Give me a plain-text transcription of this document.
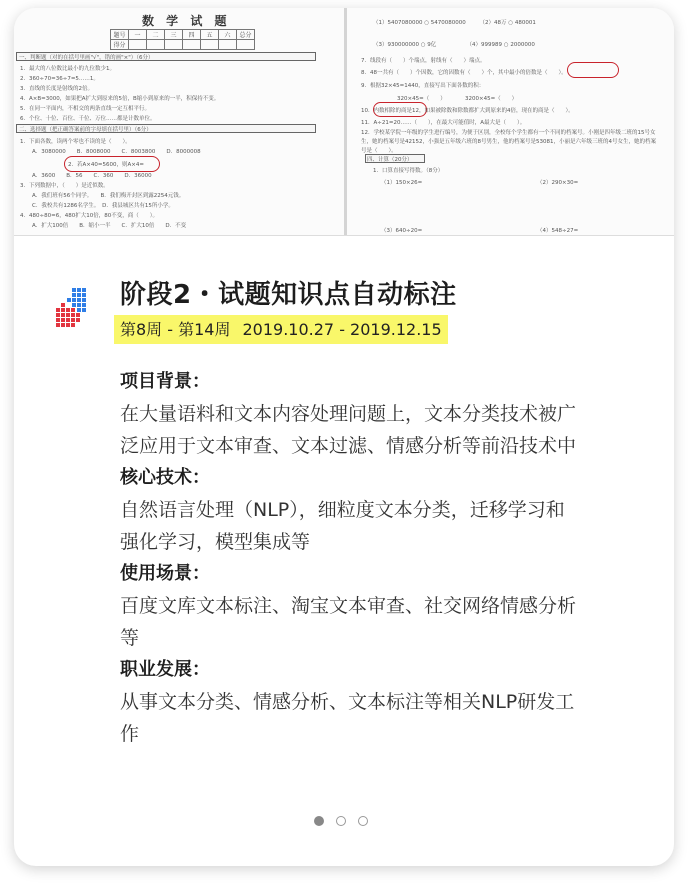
数 学 试 题
题号	一	二	三	四	五	六	总分
得分							
一、判断题（对的在括号里画"√"，错的画"×"）（6分）
1．最大的八位数比最小的九位数少1。
2．360÷70=36÷7=5……1。
3．直线的长度是射线的2倍。
4．A×B=3000，如果把A扩大到原来的5倍，B缩小到原来的一半，积保持不变。
5．在同一平面内，不相交的两条直线一定互相平行。
6．个位、十位、百位、千位、万位……都是计数单位。
二、选择题（把正确答案前的字母填在括号里）（6分）
1．下面各数，读两个零也不读的是（　　）。
A．3080000　　B．8008000　　C．8003800　　D．8000008
2．若A×40=5600，则A×4=
A．3600　　B．56　　C．360　　D．36000
3．下列数据中，（　　）是近似数。
A．我们班有56个同学。　　B．我们梅开封区到露2254元钱。
C．我校共有1286名学生。　D．我县城区共有15所小学。
4．480÷80=6，480扩大10倍，80不变，商（　　）。
A．扩大100倍　　B．缩小一半　　C．扩大10倍　　D．不变
（1）5407080000 ○ 5470080000　　　（2）48万 ○ 480001
（3）930000000 ○ 9亿　　　　　　（4）999989 ○ 2000000
7．线段有（　　）个端点，射线有（　　）端点。
8．48一共有（　　）个因数，它的因数有（　　）个，其中最小的倍数是（　　）。
9．根据32×45=1440，直接写出下面各数的积：
320×45=（　　）　　　　3200×45=（　　）
10．内数相除的商是12，如果被除数和除数都扩大到原来的4倍，现在的商是（　　）。
11．A÷21=20……（　　），在最大可能值时，A最大是（　　）。
12．学校某学院一年级的学生进行编号，为便于区别，全校每个学生都有一个不同的档案号。小刚是四年级二班的15号女生，她的档案号是42152，小强是五年级六班的8号男生，他的档案号是53081，小丽是六年级三班的4号女生，她的档案号是（　　）。
四、计算（20分）
1．口算直接写得数。（8分）
（1）150×26=	（2）290×30=
（3）640÷20=	（4）548÷27=
阶段2・试题知识点自动标注
第8周 - 第14周 2019.10.27 - 2019.12.15
项目背景：

在大量语料和文本内容处理问题上，文本分类技术被广泛应用于文本审查、文本过滤、情感分析等前沿技术中

核心技术：

自然语言处理（NLP），细粒度文本分类，迁移学习和强化学习，模型集成等

使用场景：

百度文库文本标注、淘宝文本审查、社交网络情感分析等

职业发展：

从事文本分类、情感分析、文本标注等相关NLP研发工作
